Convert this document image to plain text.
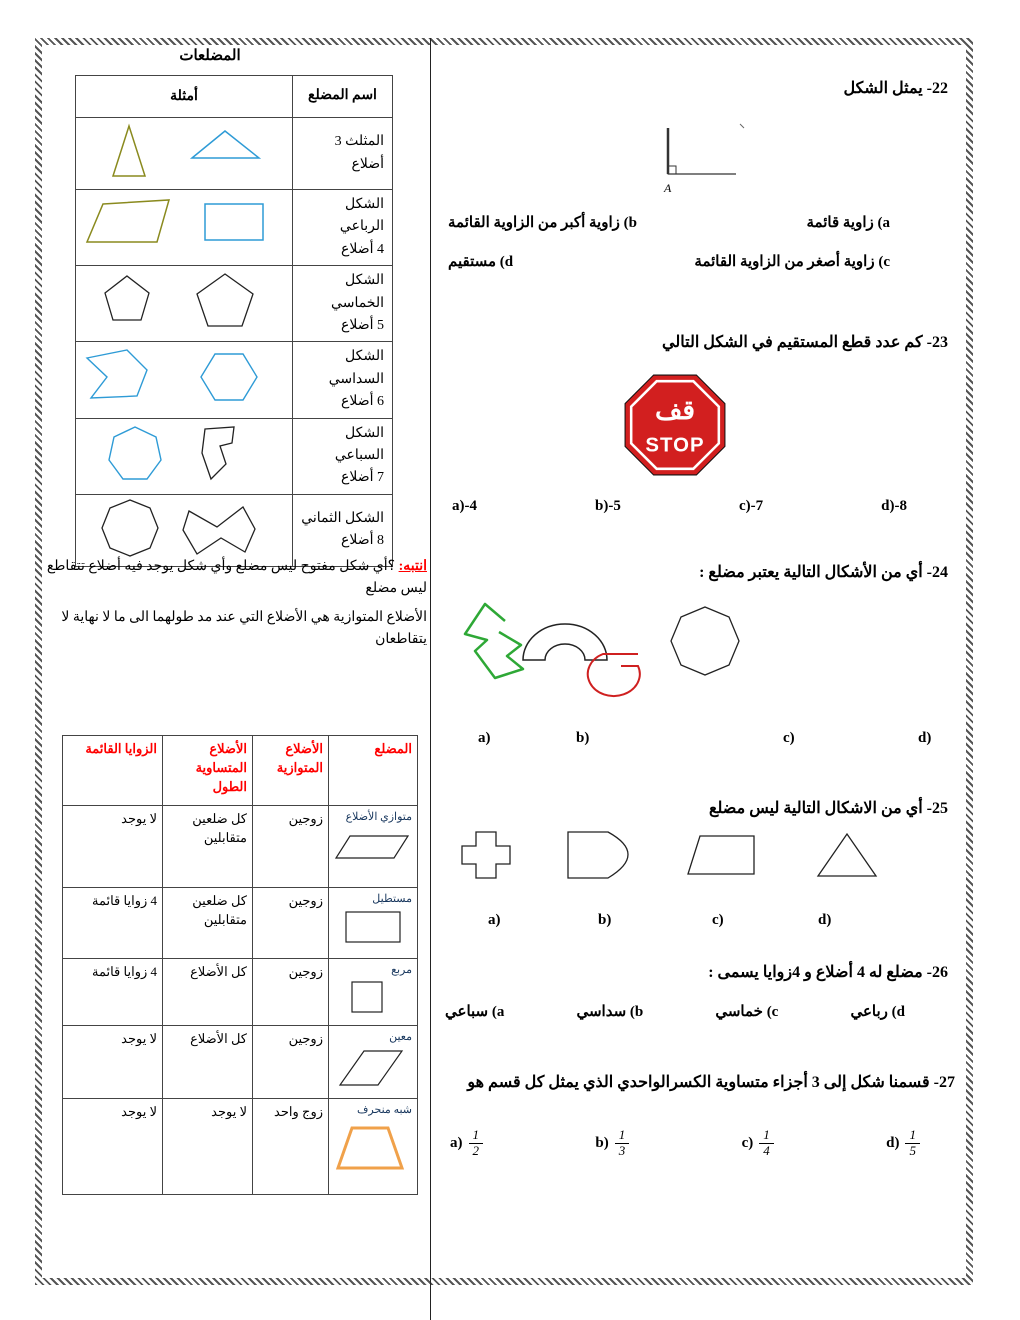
المضلعات
اسم المضلع	أمثلة

المثلث 3
أضلاع

الشكل الرباعي
4 أضلاع

الشكل الخماسي
5 أضلاع

الشكل السداسي
6 أضلاع

الشكل السباعي
7 أضلاع

الشكل الثماني
8 أضلاع

انتبه: ؟أي شكل مفتوح ليس مضلع وأي شكل يوجد فيه أضلاع تتقاطع ليس مضلع

الأضلاع المتوازية هي الأضلاع التي عند مد طولهما الى ما لا نهاية لا يتقاطعان

المضلع	الأضلاع المتوازية	الأضلاع المتساوية الطول	الزوايا القائمة

متوازي الأضلاع	زوجين	كل ضلعين متقابلين	لا يوجد

مستطيل	زوجين	كل ضلعين متقابلين	4 زوايا قائمة

مربع	زوجين	كل الأضلاع	4 زوايا قائمة

معين	زوجين	كل الأضلاع	لا يوجد

شبه منحرف	زوج واحد	لا يوجد	لا يوجد
22- يمثل الشكل
A
(a زاوية قائمة
(b زاوية أكبر من الزاوية القائمة
(c زاوية أصغر من الزاوية القائمة
(d مستقيم
23- كم عدد قطع المستقيم في الشكل التالي
قف
STOP
a)-4	b)-5	c)-7	d)-8
24- أي من الأشكال التالية يعتبر مضلع :
a)	b)	c)	d)
25- أي من الاشكال التالية ليس مضلع
a)	b)	c)	d)
26- مضلع له 4 أضلاع و 4زوايا يسمى :
(a سباعي	(b سداسي	(c خماسي	(d رباعي
27- قسمنا شكل إلى 3 أجزاء متساوية الكسرالواحدي الذي يمثل كل قسم هو
$a) \frac{1}{2}$	$b) \frac{1}{3}$	$c) \frac{1}{4}$	$d) \frac{1}{5}$
